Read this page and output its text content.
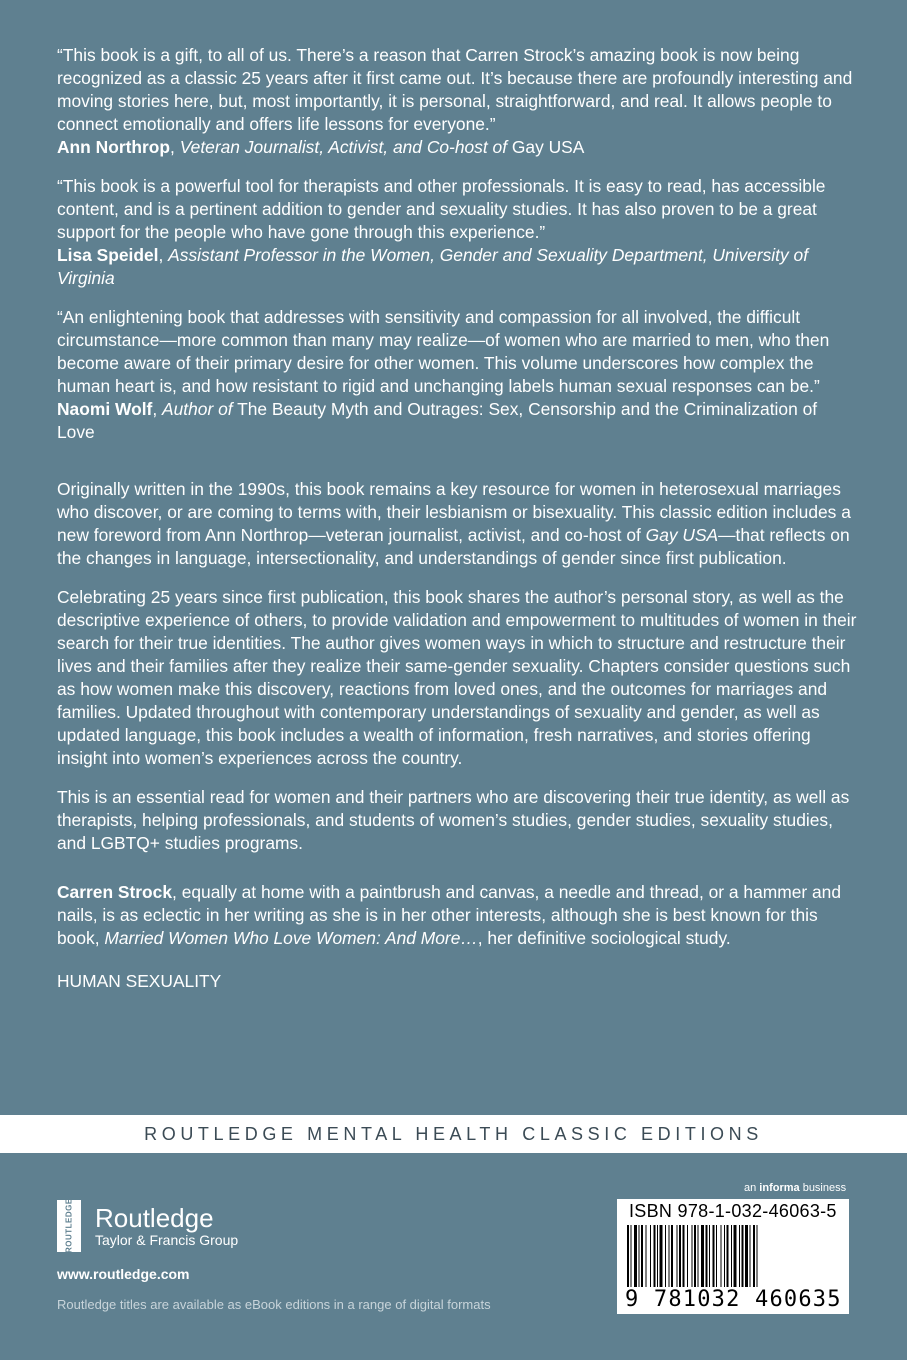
“This book is a gift, to all of us. There’s a reason that Carren Strock’s amazing book is now being recognized as a classic 25 years after it first came out. It’s because there are profoundly interesting and moving stories here, but, most importantly, it is personal, straightforward, and real. It allows people to connect emotionally and offers life lessons for everyone.”

Ann Northrop, Veteran Journalist, Activist, and Co-host of Gay USA

“This book is a powerful tool for therapists and other professionals. It is easy to read, has accessible content, and is a pertinent addition to gender and sexuality studies. It has also proven to be a great support for the people who have gone through this experience.”

Lisa Speidel, Assistant Professor in the Women, Gender and Sexuality Department, University of Virginia

“An enlightening book that addresses with sensitivity and compassion for all involved, the difficult circumstance—more common than many may realize—of women who are married to men, who then become aware of their primary desire for other women. This volume underscores how complex the human heart is, and how resistant to rigid and unchanging labels human sexual responses can be.”

Naomi Wolf, Author of The Beauty Myth and Outrages: Sex, Censorship and the Criminalization of Love

Originally written in the 1990s, this book remains a key resource for women in heterosexual marriages who discover, or are coming to terms with, their lesbianism or bisexuality. This classic edition includes a new foreword from Ann Northrop—veteran journalist, activist, and co-host of Gay USA—that reflects on the changes in language, intersectionality, and understandings of gender since first publication.

Celebrating 25 years since first publication, this book shares the author’s personal story, as well as the descriptive experience of others, to provide validation and empowerment to multitudes of women in their search for their true identities. The author gives women ways in which to structure and restructure their lives and their families after they realize their same-gender sexuality. Chapters consider questions such as how women make this discovery, reactions from loved ones, and the outcomes for marriages and families. Updated throughout with contemporary understandings of sexuality and gender, as well as updated language, this book includes a wealth of information, fresh narratives, and stories offering insight into women’s experiences across the country.

This is an essential read for women and their partners who are discovering their true identity, as well as therapists, helping professionals, and students of women’s studies, gender studies, sexuality studies, and LGBTQ+ studies programs.

Carren Strock, equally at home with a paintbrush and canvas, a needle and thread, or a hammer and nails, is as eclectic in her writing as she is in her other interests, although she is best known for this book, Married Women Who Love Women: And More…, her definitive sociological study.

HUMAN SEXUALITY

ROUTLEDGE MENTAL HEALTH CLASSIC EDITIONS
ROUTLEDGE Routledge
Taylor & Francis Group
www.routledge.com
Routledge titles are available as eBook editions in a range of digital formats
an informa business
ISBN 978-1-032-46063-5
9 781032 460635
